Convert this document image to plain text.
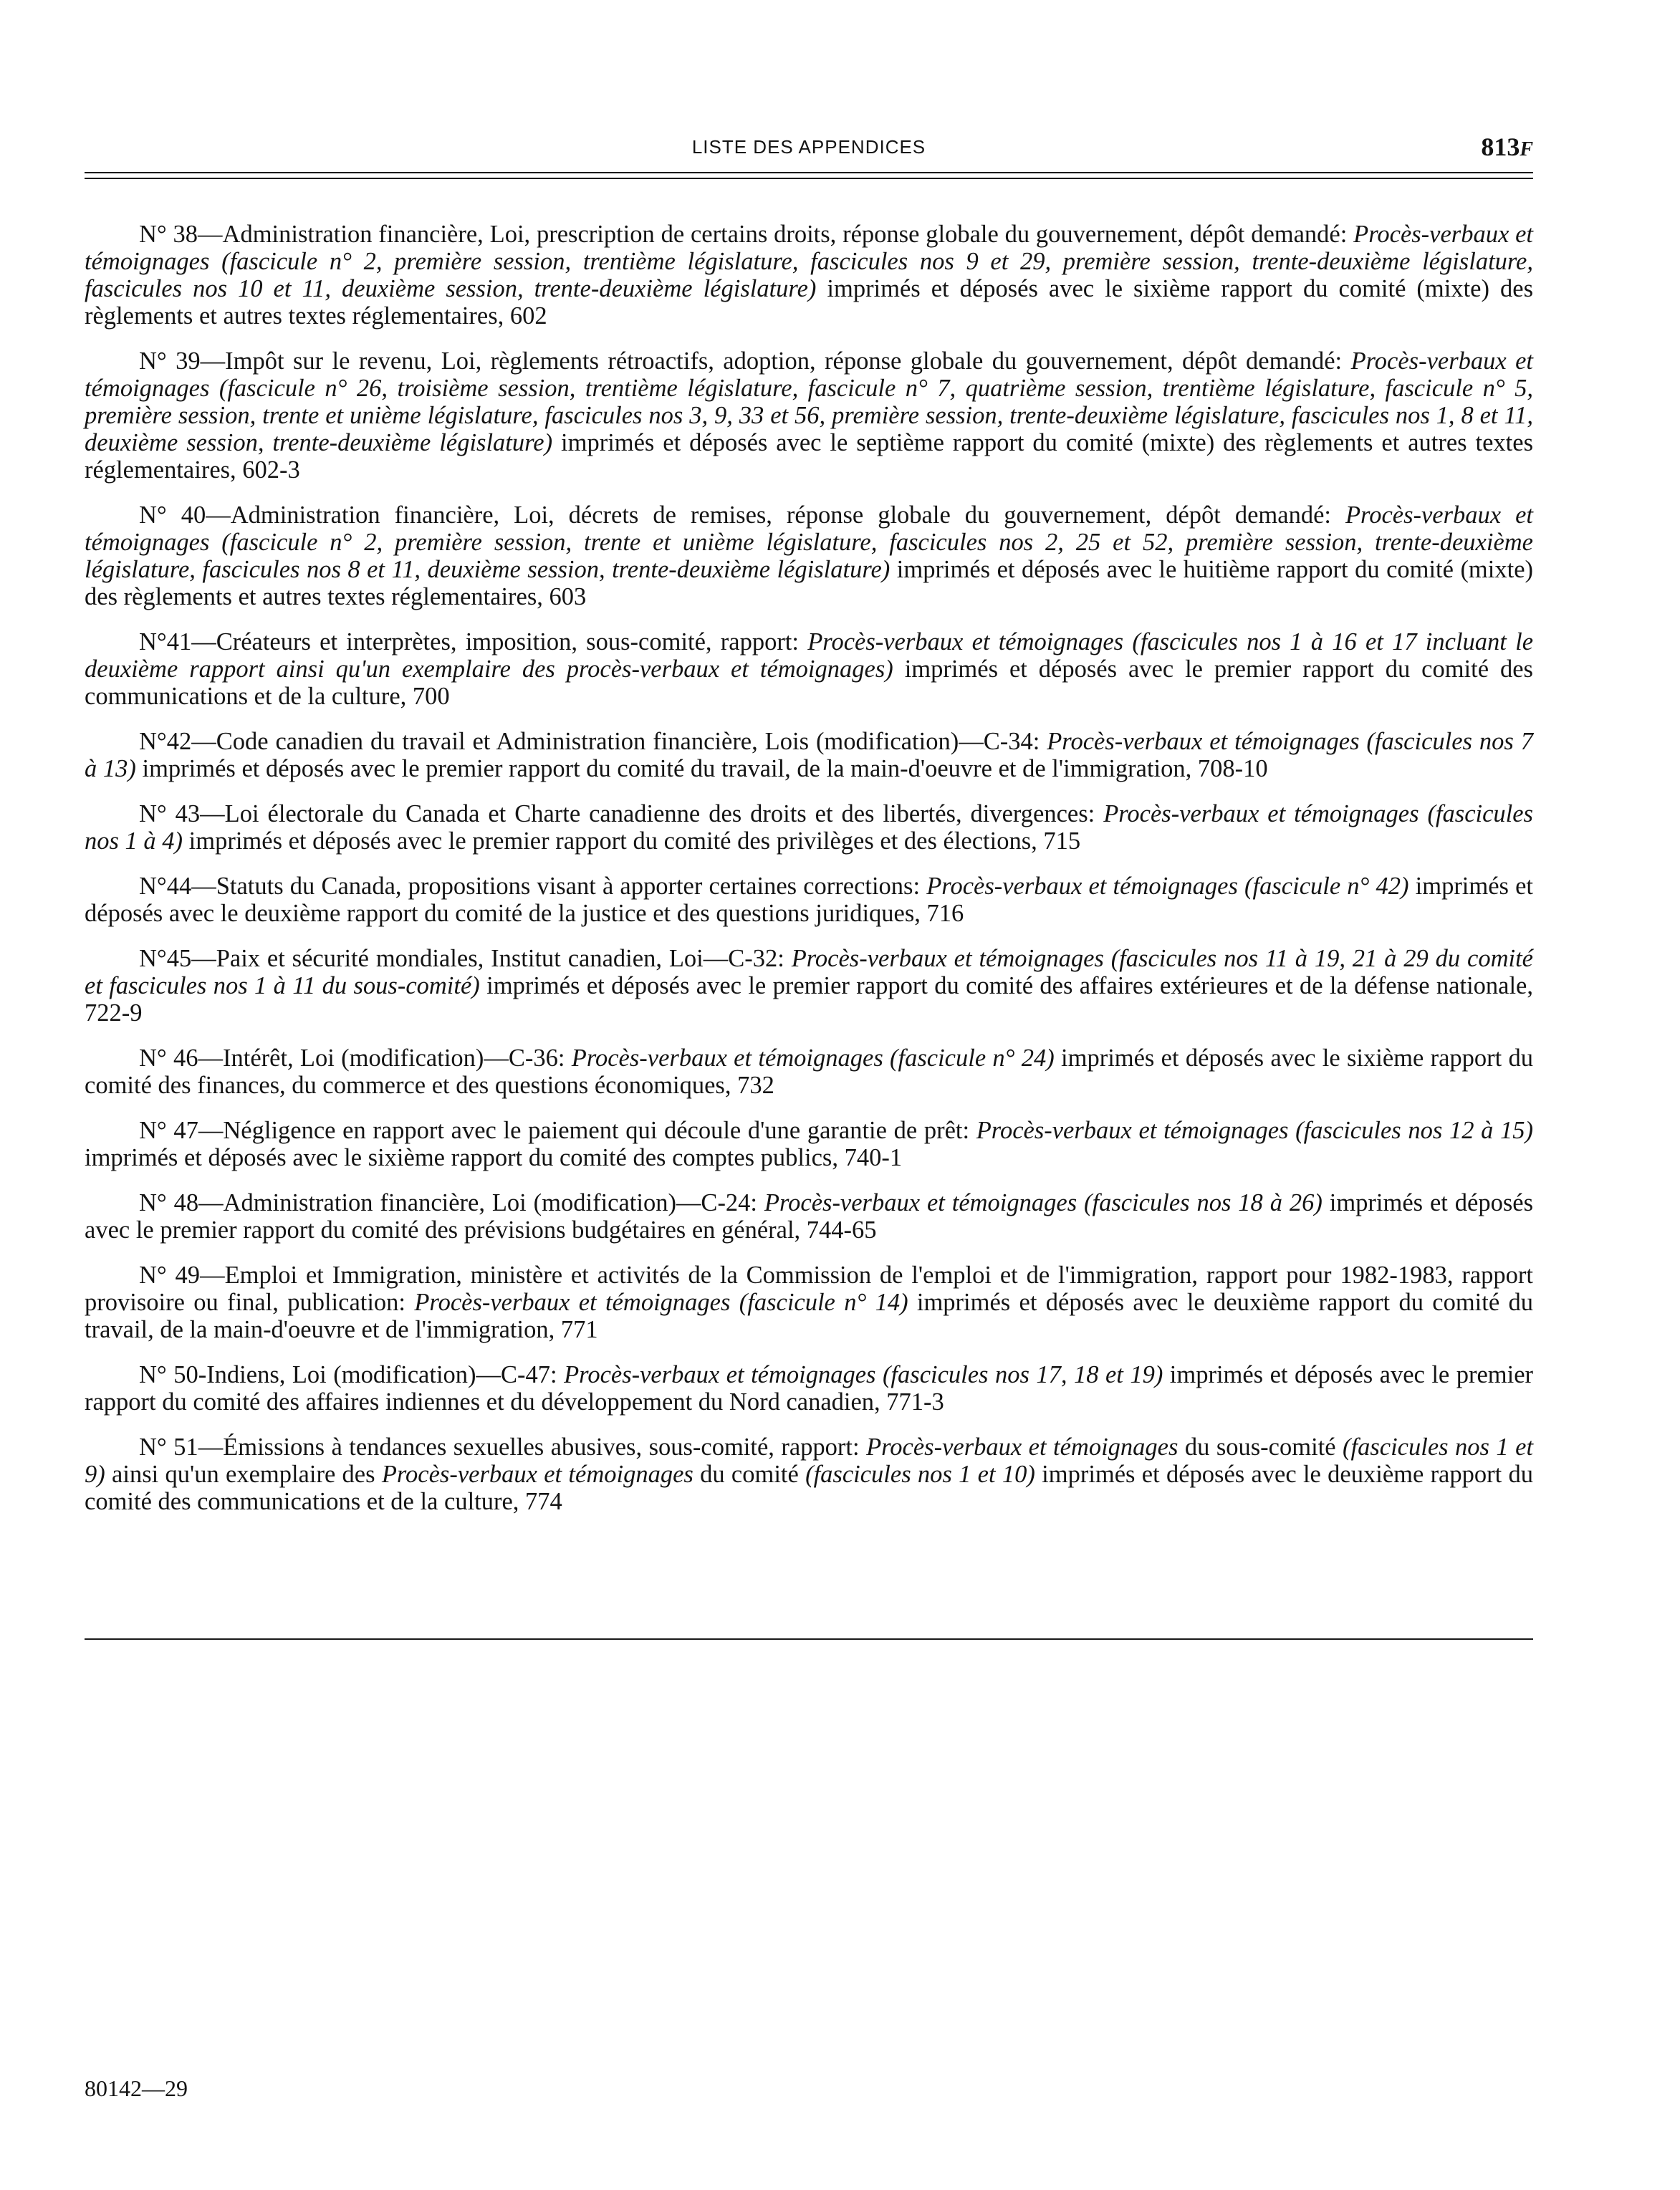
LISTE DES APPENDICES	813F

N° 38—Administration financière, Loi, prescription de certains droits, réponse globale du gouvernement, dépôt demandé: Procès-verbaux et témoignages (fascicule n° 2, première session, trentième législature, fascicules nos 9 et 29, première session, trente-deuxième législature, fascicules nos 10 et 11, deuxième session, trente-deuxième législature) imprimés et déposés avec le sixième rapport du comité (mixte) des règlements et autres textes réglementaires, 602

N° 39—Impôt sur le revenu, Loi, règlements rétroactifs, adoption, réponse globale du gouvernement, dépôt demandé: Procès-verbaux et témoignages (fascicule n° 26, troisième session, trentième législature, fascicule n° 7, quatrième session, trentième législature, fascicule n° 5, première session, trente et unième législature, fascicules nos 3, 9, 33 et 56, première session, trente-deuxième législature, fascicules nos 1, 8 et 11, deuxième session, trente-deuxième législature) imprimés et déposés avec le septième rapport du comité (mixte) des règlements et autres textes réglementaires, 602-3

N° 40—Administration financière, Loi, décrets de remises, réponse globale du gouvernement, dépôt demandé: Procès-verbaux et témoignages (fascicule n° 2, première session, trente et unième législature, fascicules nos 2, 25 et 52, première session, trente-deuxième législature, fascicules nos 8 et 11, deuxième session, trente-deuxième législature) imprimés et déposés avec le huitième rapport du comité (mixte) des règlements et autres textes réglementaires, 603

N°41—Créateurs et interprètes, imposition, sous-comité, rapport: Procès-verbaux et témoignages (fascicules nos 1 à 16 et 17 incluant le deuxième rapport ainsi qu'un exemplaire des procès-verbaux et témoignages) imprimés et déposés avec le premier rapport du comité des communications et de la culture, 700

N°42—Code canadien du travail et Administration financière, Lois (modification)—C-34: Procès-verbaux et témoignages (fascicules nos 7 à 13) imprimés et déposés avec le premier rapport du comité du travail, de la main-d'oeuvre et de l'immigration, 708-10

N° 43—Loi électorale du Canada et Charte canadienne des droits et des libertés, divergences: Procès-verbaux et témoignages (fascicules nos 1 à 4) imprimés et déposés avec le premier rapport du comité des privilèges et des élections, 715

N°44—Statuts du Canada, propositions visant à apporter certaines corrections: Procès-verbaux et témoignages (fascicule n° 42) imprimés et déposés avec le deuxième rapport du comité de la justice et des questions juridiques, 716

N°45—Paix et sécurité mondiales, Institut canadien, Loi—C-32: Procès-verbaux et témoignages (fascicules nos 11 à 19, 21 à 29 du comité et fascicules nos 1 à 11 du sous-comité) imprimés et déposés avec le premier rapport du comité des affaires extérieures et de la défense nationale, 722-9

N° 46—Intérêt, Loi (modification)—C-36: Procès-verbaux et témoignages (fascicule n° 24) imprimés et déposés avec le sixième rapport du comité des finances, du commerce et des questions économiques, 732

N° 47—Négligence en rapport avec le paiement qui découle d'une garantie de prêt: Procès-verbaux et témoignages (fascicules nos 12 à 15) imprimés et déposés avec le sixième rapport du comité des comptes publics, 740-1

N° 48—Administration financière, Loi (modification)—C-24: Procès-verbaux et témoignages (fascicules nos 18 à 26) imprimés et déposés avec le premier rapport du comité des prévisions budgétaires en général, 744-65

N° 49—Emploi et Immigration, ministère et activités de la Commission de l'emploi et de l'immigration, rapport pour 1982-1983, rapport provisoire ou final, publication: Procès-verbaux et témoignages (fascicule n° 14) imprimés et déposés avec le deuxième rapport du comité du travail, de la main-d'oeuvre et de l'immigration, 771

N° 50-Indiens, Loi (modification)—C-47: Procès-verbaux et témoignages (fascicules nos 17, 18 et 19) imprimés et déposés avec le premier rapport du comité des affaires indiennes et du développement du Nord canadien, 771-3

N° 51—Émissions à tendances sexuelles abusives, sous-comité, rapport: Procès-verbaux et témoignages du sous-comité (fascicules nos 1 et 9) ainsi qu'un exemplaire des Procès-verbaux et témoignages du comité (fascicules nos 1 et 10) imprimés et déposés avec le deuxième rapport du comité des communications et de la culture, 774

80142—29
